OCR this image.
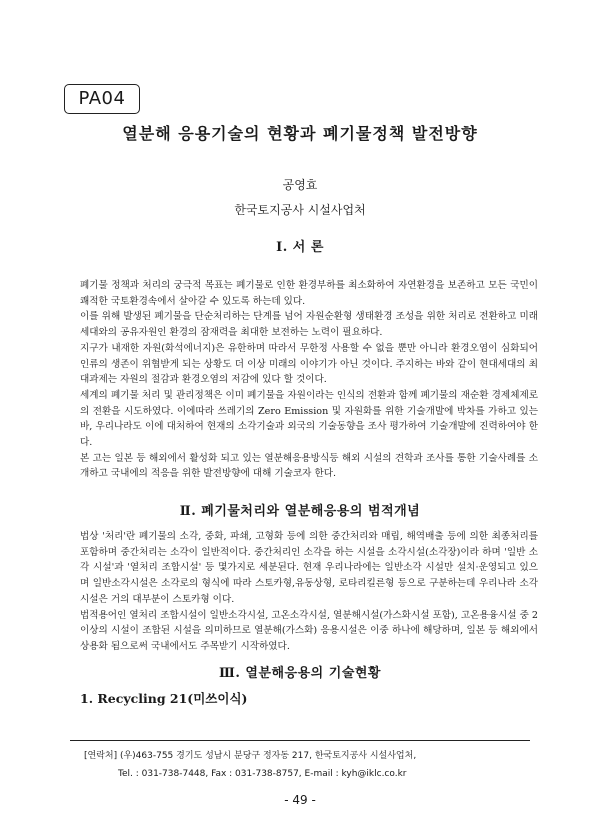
PA04
열분해 응용기술의 현황과 폐기물정책 발전방향
공영효
한국토지공사 시설사업처
Ⅰ. 서 론

폐기물 정책과 처리의 궁극적 목표는 폐기물로 인한 환경부하를 최소화하여 자연환경을 보존하고 모든 국민이 쾌적한 국토환경속에서 살아갈 수 있도록 하는데 있다.

이를 위해 발생된 폐기물을 단순처리하는 단계를 넘어 자원순환형 생태환경 조성을 위한 처리로 전환하고 미래세대와의 공유자원인 환경의 잠재력을 최대한 보전하는 노력이 필요하다.

지구가 내재한 자원(화석에너지)은 유한하며 따라서 무한정 사용할 수 없을 뿐만 아니라 환경오염이 심화되어 인류의 생존이 위협받게 되는 상황도 더 이상 미래의 이야기가 아닌 것이다. 주지하는 바와 같이 현대세대의 최대과제는 자원의 절감과 환경오염의 저감에 있다 할 것이다.

세계의 폐기물 처리 및 관리정책은 이미 폐기물을 자원이라는 인식의 전환과 함께 폐기물의 재순환 경제체제로의 전환을 시도하였다. 이에따라 쓰레기의 Zero Emission 및 자원화를 위한 기술개발에 박차를 가하고 있는바, 우리나라도 이에 대처하여 현재의 소각기술과 외국의 기술동향을 조사 평가하여 기술개발에 진력하여야 한다.

본 고는 일본 등 해외에서 활성화 되고 있는 열분해응용방식등 해외 시설의 견학과 조사를 통한 기술사례를 소개하고 국내에의 적응을 위한 발전방향에 대해 기술코자 한다.

Ⅱ. 폐기물처리와 열분해응용의 범적개념

법상 '처리'란 폐기물의 소각, 중화, 파쇄, 고형화 등에 의한 중간처리와 매립, 해역배출 등에 의한 최종처리를 포함하며 중간처리는 소각이 일반적이다. 중간처리인 소각을 하는 시설을 소각시설(소각장)이라 하며 '일반 소각 시설'과 '열처리 조합시설' 등 몇가지로 세분된다. 현재 우리나라에는 일반소각 시설만 설치·운영되고 있으며 일반소각시설은 소각로의 형식에 따라 스토카형,유동상형, 로타리킬른형 등으로 구분하는데 우리나라 소각시설은 거의 대부분이 스토카형 이다.

법적용어인 열처리 조합시설이 일반소각시설, 고온소각시설, 열분해시설(가스화시설 포함), 고온용융시설 중 2이상의 시설이 조합된 시설을 의미하므로 열분해(가스화) 응용시설은 이중 하나에 해당하며, 일본 등 해외에서 상용화 됨으로써 국내에서도 주목받기 시작하였다.

Ⅲ. 열분해응용의 기술현황
1. Recycling 21(미쓰이식)
[연락처] (우)463-755 경기도 성남시 분당구 정자동 217, 한국토지공사 시설사업처,
Tel. : 031-738-7448, Fax : 031-738-8757, E-mail : kyh@iklc.co.kr
- 49 -
